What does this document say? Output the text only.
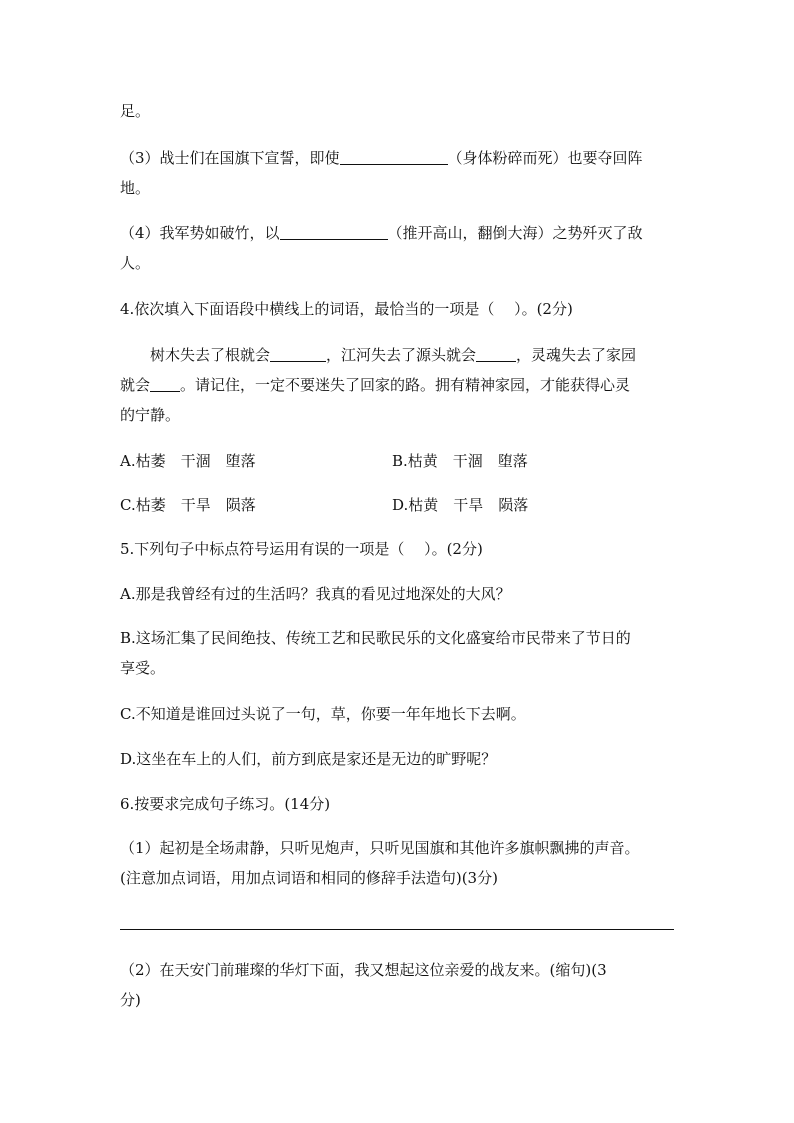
足。
（3）战士们在国旗下宣誓，即使	（身体粉碎而死）也要夺回阵
地。
（4）我军势如破竹，以	（推开高山，翻倒大海）之势歼灭了敌
人。
4.依次填入下面语段中横线上的词语，最恰当的一项是（　 ）。(2分)
树木失去了根就会	，江河失去了源头就会	，灵魂失去了家园
就会 。请记住，一定不要迷失了回家的路。拥有精神家园，才能获得心灵
的宁静。
A.枯萎　干涸　堕落	B.枯黄　干涸　堕落
C.枯萎　干旱　陨落	D.枯黄　干旱　陨落
5.下列句子中标点符号运用有误的一项是（　 ）。(2分)
A.那是我曾经有过的生活吗？我真的看见过地深处的大风？
B.这场汇集了民间绝技、传统工艺和民歌民乐的文化盛宴给市民带来了节日的
享受。
C.不知道是谁回过头说了一句，草，你要一年年地长下去啊。
D.这坐在车上的人们，前方到底是家还是无边的旷野呢？
6.按要求完成句子练习。(14分)
（1）起初是全场肃静，只听见炮声，只听见国旗和其他许多旗帜飘拂的声音。
(注意加点词语，用加点词语和相同的修辞手法造句)(3分)
（2）在天安门前璀璨的华灯下面，我又想起这位亲爱的战友来。(缩句)(3
分)
